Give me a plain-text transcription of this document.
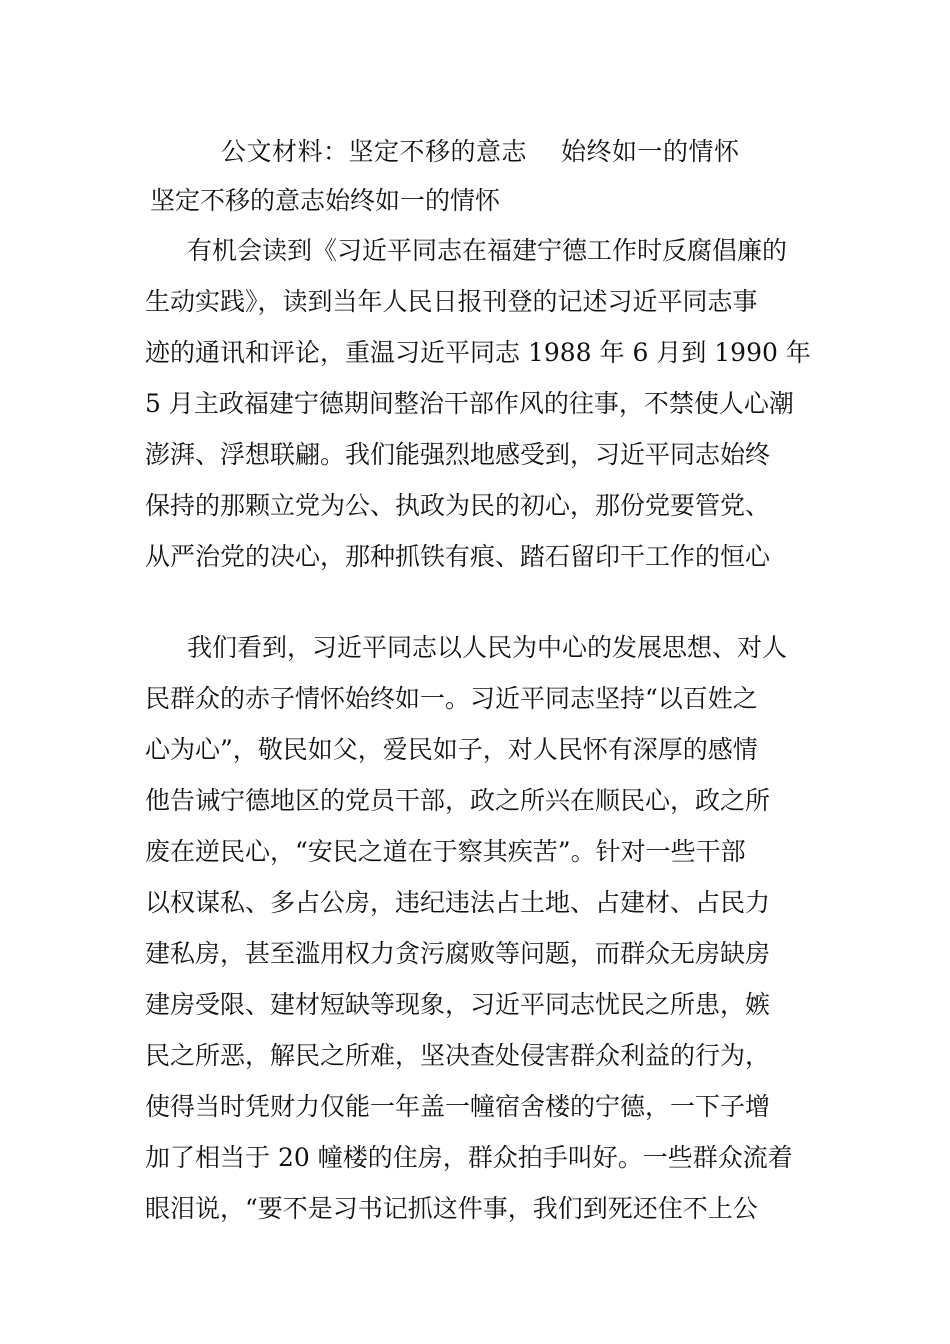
公文材料：坚定不移的意志　 始终如一的情怀
坚定不移的意志始终如一的情怀
有机会读到《习近平同志在福建宁德工作时反腐倡廉的
生动实践》，读到当年人民日报刊登的记述习近平同志事
迹的通讯和评论，重温习近平同志 1988 年 6 月到 1990 年
5 月主政福建宁德期间整治干部作风的往事，不禁使人心潮
澎湃、浮想联翩。我们能强烈地感受到，习近平同志始终
保持的那颗立党为公、执政为民的初心，那份党要管党、
从严治党的决心，那种抓铁有痕、踏石留印干工作的恒心
我们看到，习近平同志以人民为中心的发展思想、对人
民群众的赤子情怀始终如一。习近平同志坚持“以百姓之
心为心”，敬民如父，爱民如子，对人民怀有深厚的感情
他告诫宁德地区的党员干部，政之所兴在顺民心，政之所
废在逆民心，“安民之道在于察其疾苦”。针对一些干部
以权谋私、多占公房，违纪违法占土地、占建材、占民力
建私房，甚至滥用权力贪污腐败等问题，而群众无房缺房
建房受限、建材短缺等现象，习近平同志忧民之所患，嫉
民之所恶，解民之所难，坚决查处侵害群众利益的行为，
使得当时凭财力仅能一年盖一幢宿舍楼的宁德，一下子增
加了相当于 20 幢楼的住房，群众拍手叫好。一些群众流着
眼泪说，“要不是习书记抓这件事，我们到死还住不上公
